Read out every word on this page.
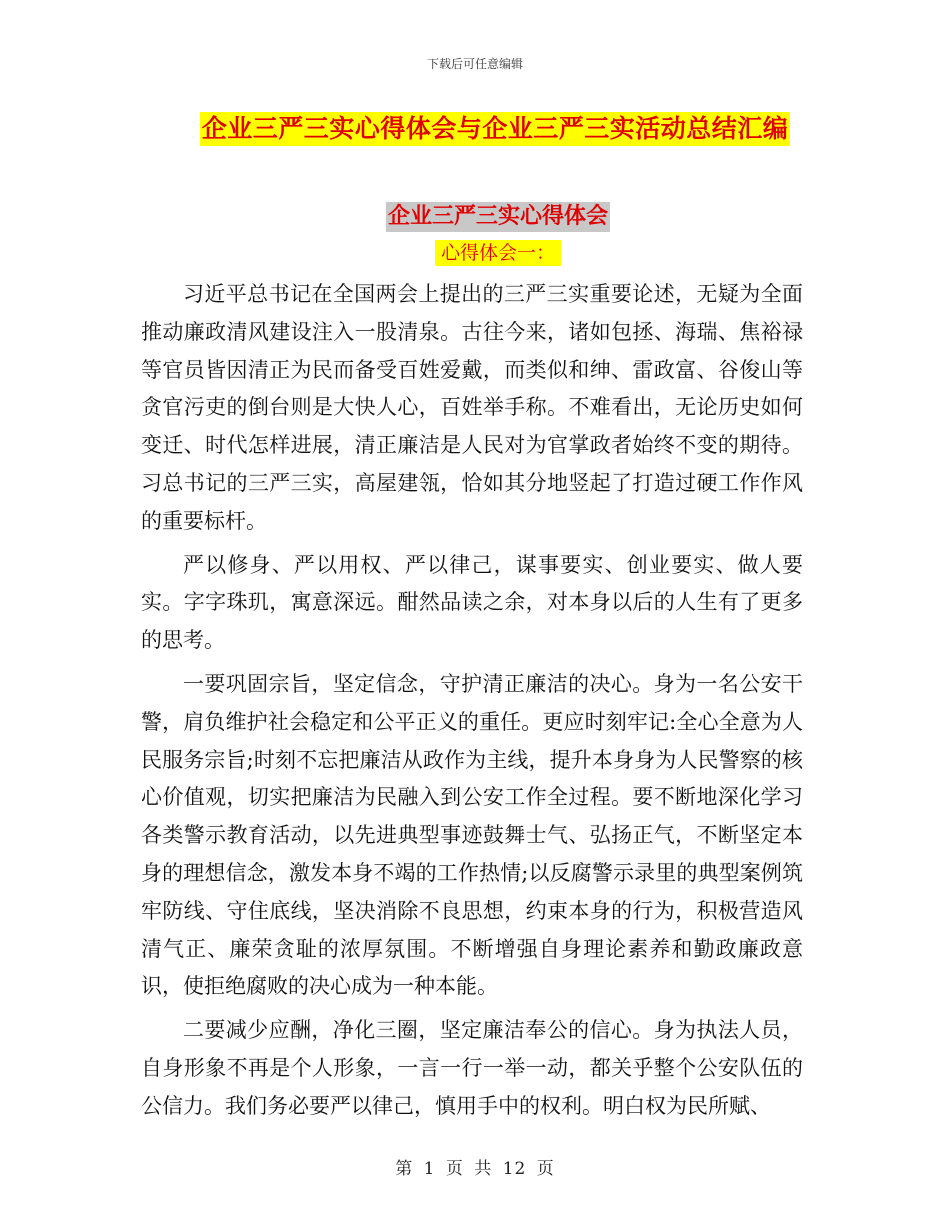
下载后可任意编辑
企业三严三实心得体会与企业三严三实活动总结汇编
企业三严三实心得体会
心得体会一：

习近平总书记在全国两会上提出的三严三实重要论述，无疑为全面推动廉政清风建设注入一股清泉。古往今来，诸如包拯、海瑞、焦裕禄等官员皆因清正为民而备受百姓爱戴，而类似和绅、雷政富、谷俊山等贪官污吏的倒台则是大快人心，百姓举手称。不难看出，无论历史如何变迁、时代怎样进展，清正廉洁是人民对为官掌政者始终不变的期待。习总书记的三严三实，高屋建瓴，恰如其分地竖起了打造过硬工作作风的重要标杆。

严以修身、严以用权、严以律己，谋事要实、创业要实、做人要实。字字珠玑，寓意深远。酣然品读之余，对本身以后的人生有了更多的思考。

一要巩固宗旨，坚定信念，守护清正廉洁的决心。身为一名公安干警，肩负维护社会稳定和公平正义的重任。更应时刻牢记:全心全意为人民服务宗旨;时刻不忘把廉洁从政作为主线，提升本身身为人民警察的核心价值观，切实把廉洁为民融入到公安工作全过程。要不断地深化学习各类警示教育活动，以先进典型事迹鼓舞士气、弘扬正气，不断坚定本身的理想信念，激发本身不竭的工作热情;以反腐警示录里的典型案例筑牢防线、守住底线，坚决消除不良思想，约束本身的行为，积极营造风清气正、廉荣贪耻的浓厚氛围。不断增强自身理论素养和勤政廉政意识，使拒绝腐败的决心成为一种本能。

二要减少应酬，净化三圈，坚定廉洁奉公的信心。身为执法人员，自身形象不再是个人形象，一言一行一举一动，都关乎整个公安队伍的公信力。我们务必要严以律己，慎用手中的权利。明白权为民所赋、

第 1 页 共 12 页
